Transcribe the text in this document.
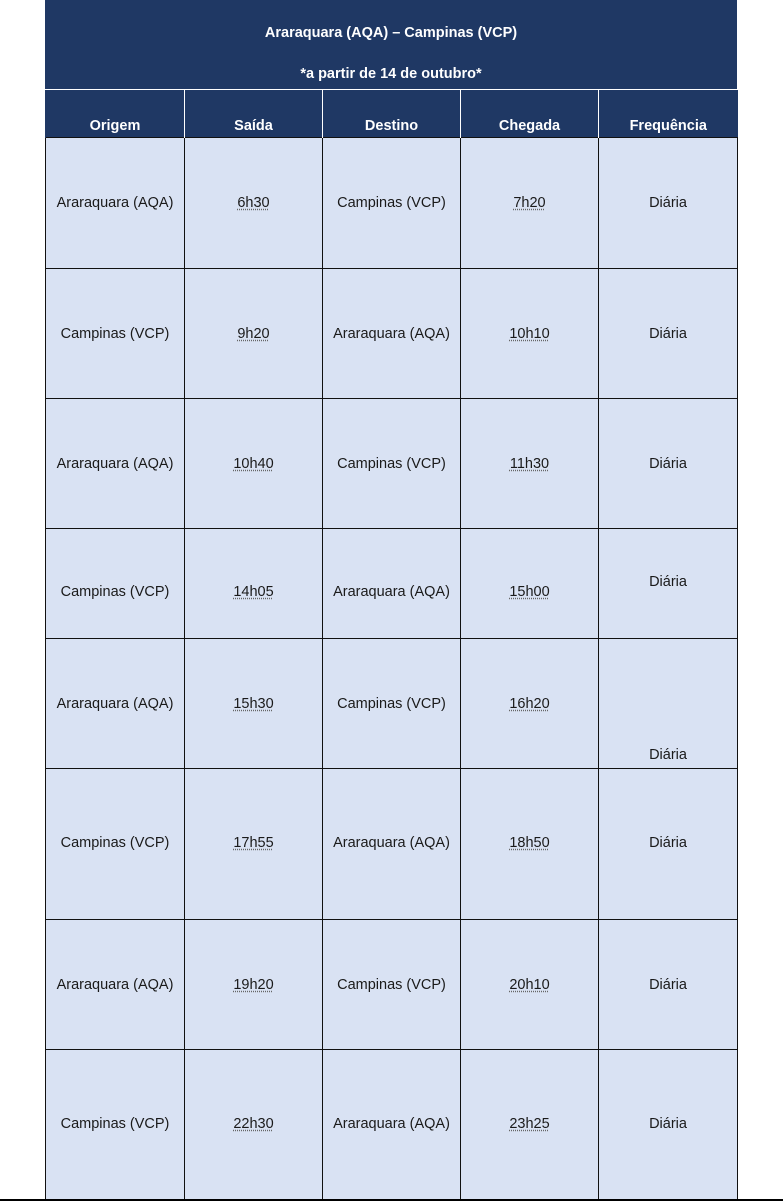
Araraquara (AQA) – Campinas (VCP)
*a partir de 14 de outubro*
Origem	Saída	Destino	Chegada	Frequência

Araraquara (AQA)	6h30	Campinas (VCP)	7h20	Diária
Campinas (VCP)	9h20	Araraquara (AQA)	10h10	Diária
Araraquara (AQA)	10h40	Campinas (VCP)	11h30	Diária
Campinas (VCP)	14h05	Araraquara (AQA)	15h00	Diária
Araraquara (AQA)	15h30	Campinas (VCP)	16h20	Diária
Campinas (VCP)	17h55	Araraquara (AQA)	18h50	Diária
Araraquara (AQA)	19h20	Campinas (VCP)	20h10	Diária
Campinas (VCP)	22h30	Araraquara (AQA)	23h25	Diária
